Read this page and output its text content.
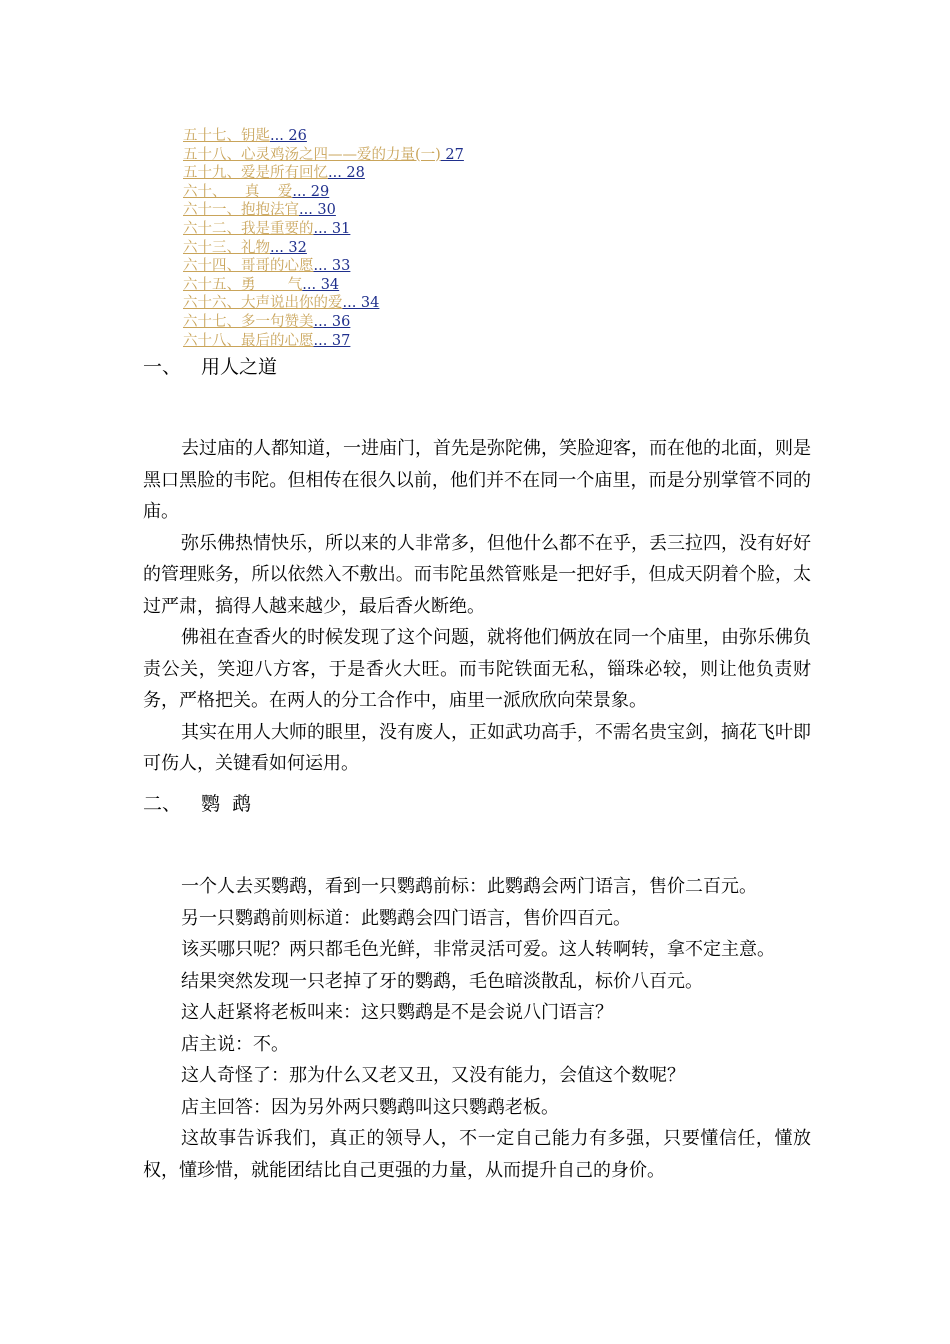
五十七、钥匙... 26
五十八、心灵鸡汤之四——爱的力量(一) 27
五十九、爱是所有回忆... 28
六十、    真    爱... 29
六十一、抱抱法官... 30
六十二、我是重要的... 31
六十三、礼物... 32
六十四、哥哥的心愿... 33
六十五、勇       气... 34
六十六、大声说出你的爱... 34
六十七、多一句赞美... 36
六十八、最后的心愿... 37
一、 用人之道

去过庙的人都知道，一进庙门，首先是弥陀佛，笑脸迎客，而在他的北面，则是黑口黑脸的韦陀。但相传在很久以前，他们并不在同一个庙里，而是分别掌管不同的庙。

弥乐佛热情快乐，所以来的人非常多，但他什么都不在乎，丢三拉四，没有好好的管理账务，所以依然入不敷出。而韦陀虽然管账是一把好手，但成天阴着个脸，太过严肃，搞得人越来越少，最后香火断绝。

佛祖在查香火的时候发现了这个问题，就将他们俩放在同一个庙里，由弥乐佛负责公关，笑迎八方客，于是香火大旺。而韦陀铁面无私，锱珠必较，则让他负责财务，严格把关。在两人的分工合作中，庙里一派欣欣向荣景象。

其实在用人大师的眼里，没有废人，正如武功高手，不需名贵宝剑，摘花飞叶即可伤人，关键看如何运用。

二、 鹦  鹉

一个人去买鹦鹉，看到一只鹦鹉前标：此鹦鹉会两门语言，售价二百元。

另一只鹦鹉前则标道：此鹦鹉会四门语言，售价四百元。

该买哪只呢？两只都毛色光鲜，非常灵活可爱。这人转啊转，拿不定主意。

结果突然发现一只老掉了牙的鹦鹉，毛色暗淡散乱，标价八百元。

这人赶紧将老板叫来：这只鹦鹉是不是会说八门语言？

店主说：不。

这人奇怪了：那为什么又老又丑，又没有能力，会值这个数呢？

店主回答：因为另外两只鹦鹉叫这只鹦鹉老板。

这故事告诉我们，真正的领导人，不一定自己能力有多强，只要懂信任，懂放权，懂珍惜，就能团结比自己更强的力量，从而提升自己的身价。
